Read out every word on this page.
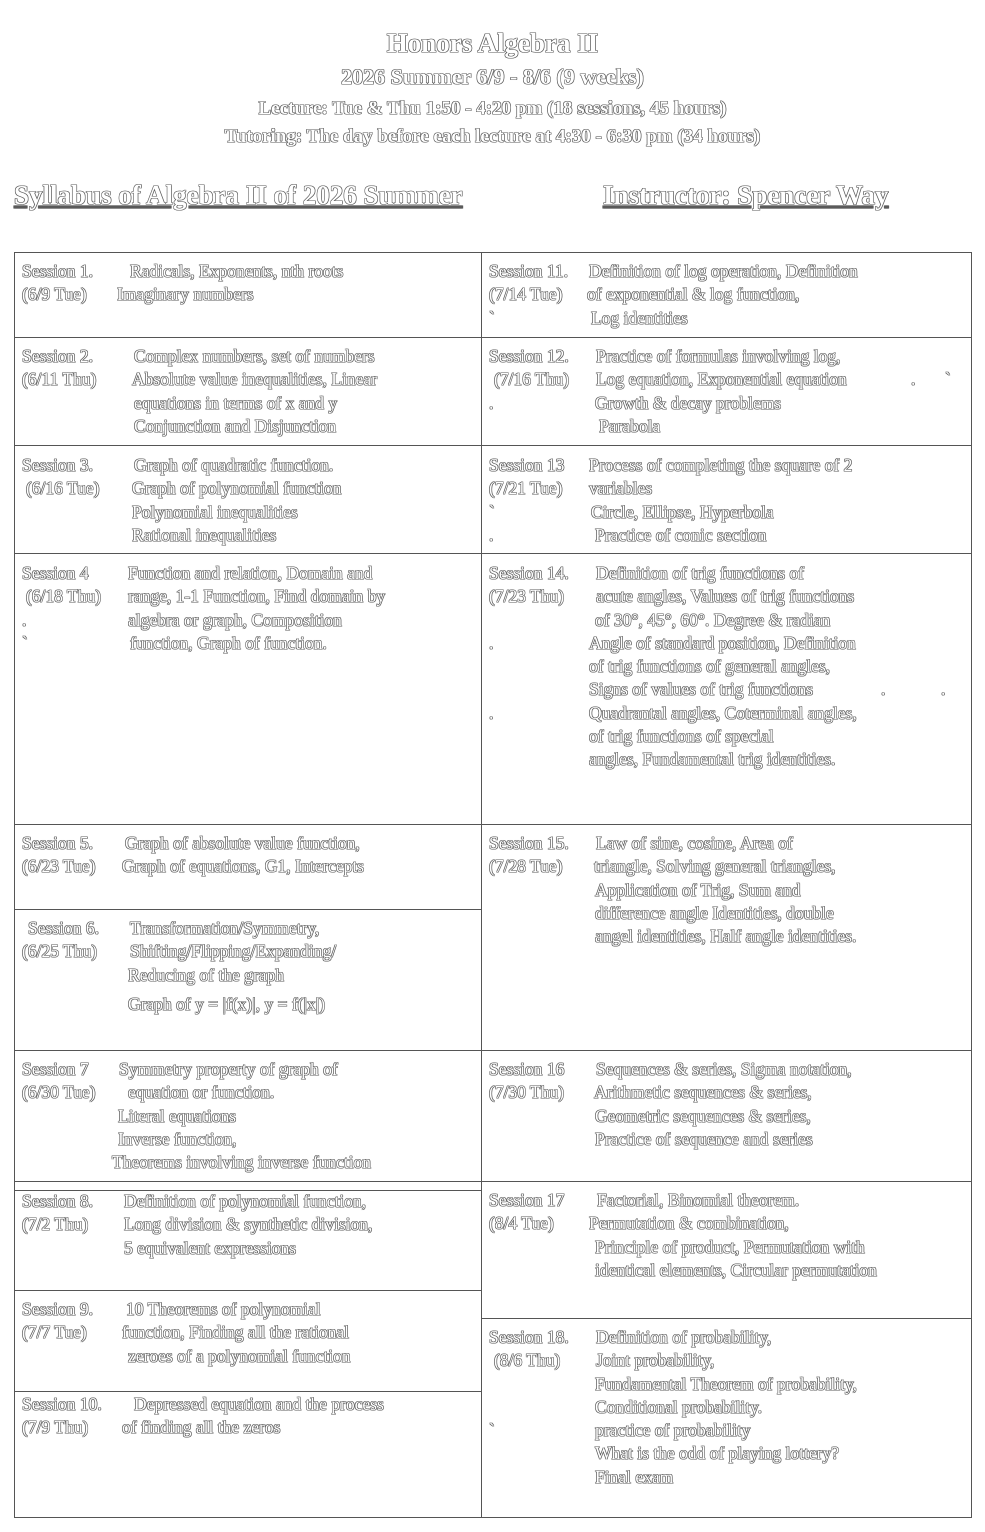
Honors Algebra II
2026 Summer 6/9 - 8/6 (9 weeks)
Lecture: Tue & Thu 1:50 - 4:20 pm (18 sessions, 45 hours)
Tutoring: The day before each lecture at 4:30 - 6:30 pm (34 hours)
Syllabus of Algebra II of 2026 Summer	Instructor: Spencer Way
Session 1. Radicals, Exponents, nth roots
(6/9 Tue) Imaginary numbers
Session 2. Complex numbers, set of numbers
(6/11 Thu) Absolute value inequalities, Linear
equations in terms of x and y
Conjunction and Disjunction
Session 3. Graph of quadratic function.
(6/16 Tue) Graph of polynomial function
Polynomial inequalities
Rational inequalities
Session 4 Function and relation, Domain and
(6/18 Thu) range, 1-1 Function, Find domain by
.	algebra or graph, Composition
`	function, Graph of function.
Session 5. Graph of absolute value function,
(6/23 Tue) Graph of equations, G1, Intercepts
Session 6. Transformation/Symmetry,
(6/25 Thu) Shifting/Flipping/Expanding/
Reducing of the graph
Graph of y = |f(x)|, y = f(|x|)
Session 7 Symmetry property of graph of
(6/30 Tue) equation or function.
Literal equations
Inverse function,
Theorems involving inverse function
Session 8. Definition of polynomial function,
(7/2 Thu) Long division & synthetic division,
5 equivalent expressions
Session 9. 10 Theorems of polynomial
(7/7 Tue) function, Finding all the rational
zeroes of a polynomial function
Session 10. Depressed equation and the process
(7/9 Thu) of finding all the zeros
Session 11. Definition of log operation, Definition
(7/14 Tue) of exponential & log function,
`	Log identities
Session 12. Practice of formulas involving log,
(7/16 Thu) Log equation, Exponential equation	. `
.	Growth & decay problems
Parabola
Session 13 Process of completing the square of 2
(7/21 Tue) variables
`	Circle, Ellipse, Hyperbola
.	Practice of conic section
Session 14. Definition of trig functions of
(7/23 Thu) acute angles, Values of trig functions
of 30°, 45°, 60°. Degree & radian
.	Angle of standard position, Definition
of trig functions of general angles,
Signs of values of trig functions	.	.
.	Quadrantal angles, Coterminal angles,
of trig functions of special
angles, Fundamental trig identities.
Session 15. Law of sine, cosine, Area of
(7/28 Tue) triangle, Solving general triangles,
Application of Trig, Sum and
difference angle Identities, double
angel identities, Half angle identities.
Session 16 Sequences & series, Sigma notation,
(7/30 Thu) Arithmetic sequences & series,
Geometric sequences & series,
Practice of sequence and series
Session 17 Factorial, Binomial theorem.
(8/4 Tue) Permutation & combination,
Principle of product, Permutation with
identical elements, Circular permutation
Session 18. Definition of probability,
(8/6 Thu) Joint probability,
Fundamental Theorem of probability,
Conditional probability.
`	practice of probability
What is the odd of playing lottery?
Final exam
